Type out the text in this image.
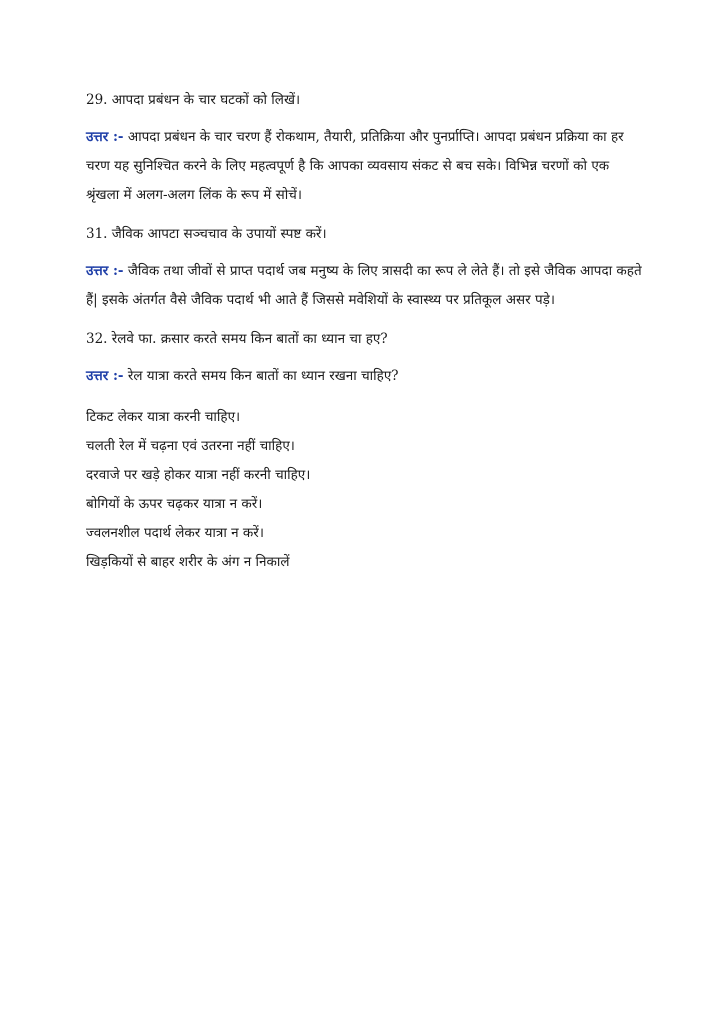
29. आपदा प्रबंधन के चार घटकों को लिखें।

उत्तर :- आपदा प्रबंधन के चार चरण हैं रोकथाम, तैयारी, प्रतिक्रिया और पुनर्प्राप्ति। आपदा प्रबंधन प्रक्रिया का हर चरण यह सुनिश्चित करने के लिए महत्वपूर्ण है कि आपका व्यवसाय संकट से बच सके। विभिन्न चरणों को एक श्रृंखला में अलग-अलग लिंक के रूप में सोचें।

31. जैविक आपटा सञ्चचाव के उपायों स्पष्ट करें।

उत्तर :- जैविक तथा जीवों से प्राप्त पदार्थ जब मनुष्य के लिए त्रासदी का रूप ले लेते हैं। तो इसे जैविक आपदा कहते हैं| इसके अंतर्गत वैसे जैविक पदार्थ भी आते हैं जिससे मवेशियों के स्वास्थ्य पर प्रतिकूल असर पड़े।

32. रेलवे फा. क्रसार करते समय किन बातों का ध्यान चा हए?

उत्तर :- रेल यात्रा करते समय किन बातों का ध्यान रखना चाहिए?

टिकट लेकर यात्रा करनी चाहिए।
चलती रेल में चढ़ना एवं उतरना नहीं चाहिए।
दरवाजे पर खड़े होकर यात्रा नहीं करनी चाहिए।
बोगियों के ऊपर चढ़कर यात्रा न करें।
ज्वलनशील पदार्थ लेकर यात्रा न करें।
खिड़कियों से बाहर शरीर के अंग न निकालें
